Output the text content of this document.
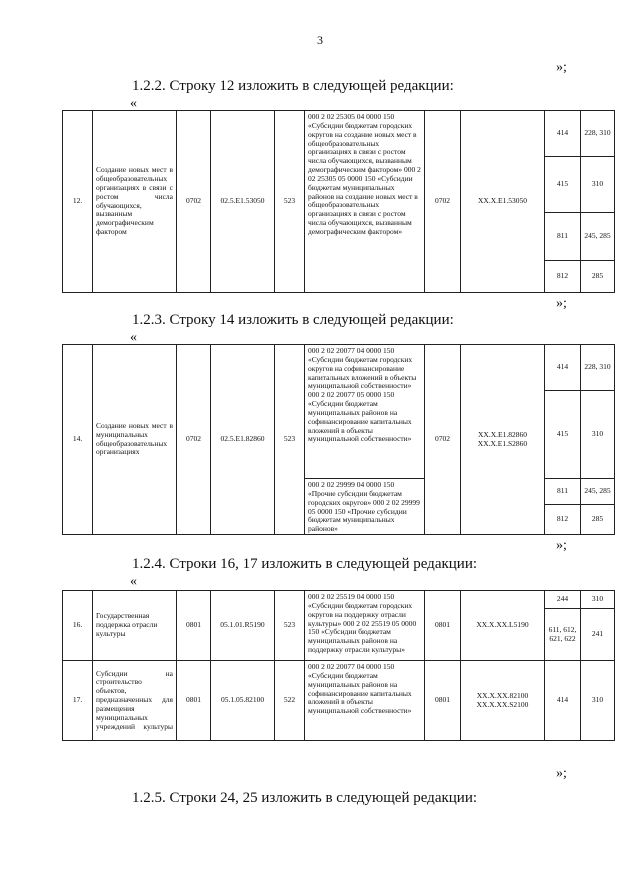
3
»;
1.2.2. Строку 12 изложить в следующей редакции:
«
12.	Создание новых мест в общеобразовательных организациях в связи с ростом числа обучающихся, вызванным демографическим фактором	0702	02.5.Е1.53050	523	000 2 02 25305 04 0000 150 «Субсидии бюджетам городских округов на создание новых мест в общеобразовательных организациях в связи с ростом числа обучающихся, вызванным демографическим фактором» 000 2 02 25305 05 0000 150 «Субсидии бюджетам муниципальных районов на создание новых мест в общеобразовательных организациях в связи с ростом числа обучающихся, вызванным демографическим фактором»	0702	ХХ.Х.Е1.53050	414	228, 310
								415	310
								811	245, 285
								812	285
»;
1.2.3. Строку 14 изложить в следующей редакции:
«
14.	Создание новых мест в муниципальных общеобразовательных организациях	0702	02.5.Е1.82860	523	000 2 02 20077 04 0000 150 «Субсидии бюджетам городских округов на софинансирование капитальных вложений в объекты муниципальной собственности» 000 2 02 20077 05 0000 150 «Субсидии бюджетам муниципальных районов на софинансирование капитальных вложений в объекты муниципальной собственности»	0702	ХХ.Х.Е1.82860 ХХ.Х.Е1.S2860	414	228, 310
								415	310
					000 2 02 29999 04 0000 150 «Прочие субсидии бюджетам городских округов» 000 2 02 29999 05 0000 150 «Прочие субсидии бюджетам муниципальных районов»			811	245, 285
								812	285
»;
1.2.4. Строки 16, 17 изложить в следующей редакции:
«
16.	Государственная поддержка отрасли культуры	0801	05.1.01.R5190	523	000 2 02 25519 04 0000 150 «Субсидии бюджетам городских округов на поддержку отрасли культуры» 000 2 02 25519 05 0000 150 «Субсидии бюджетам муниципальных районов на поддержку отрасли культуры»	0801	ХХ.Х.ХХ.L5190	244	310
								611, 612, 621, 622	241
17.	Субсидии на строительство объектов, предназначенных для размещения муниципальных учреждений культуры	0801	05.1.05.82100	522	000 2 02 20077 04 0000 150 «Субсидии бюджетам муниципальных районов на софинансирование капитальных вложений в объекты муниципальной собственности»	0801	ХХ.Х.ХХ.82100 ХХ.Х.ХХ.S2100	414	310
»;
1.2.5. Строки 24, 25 изложить в следующей редакции:
